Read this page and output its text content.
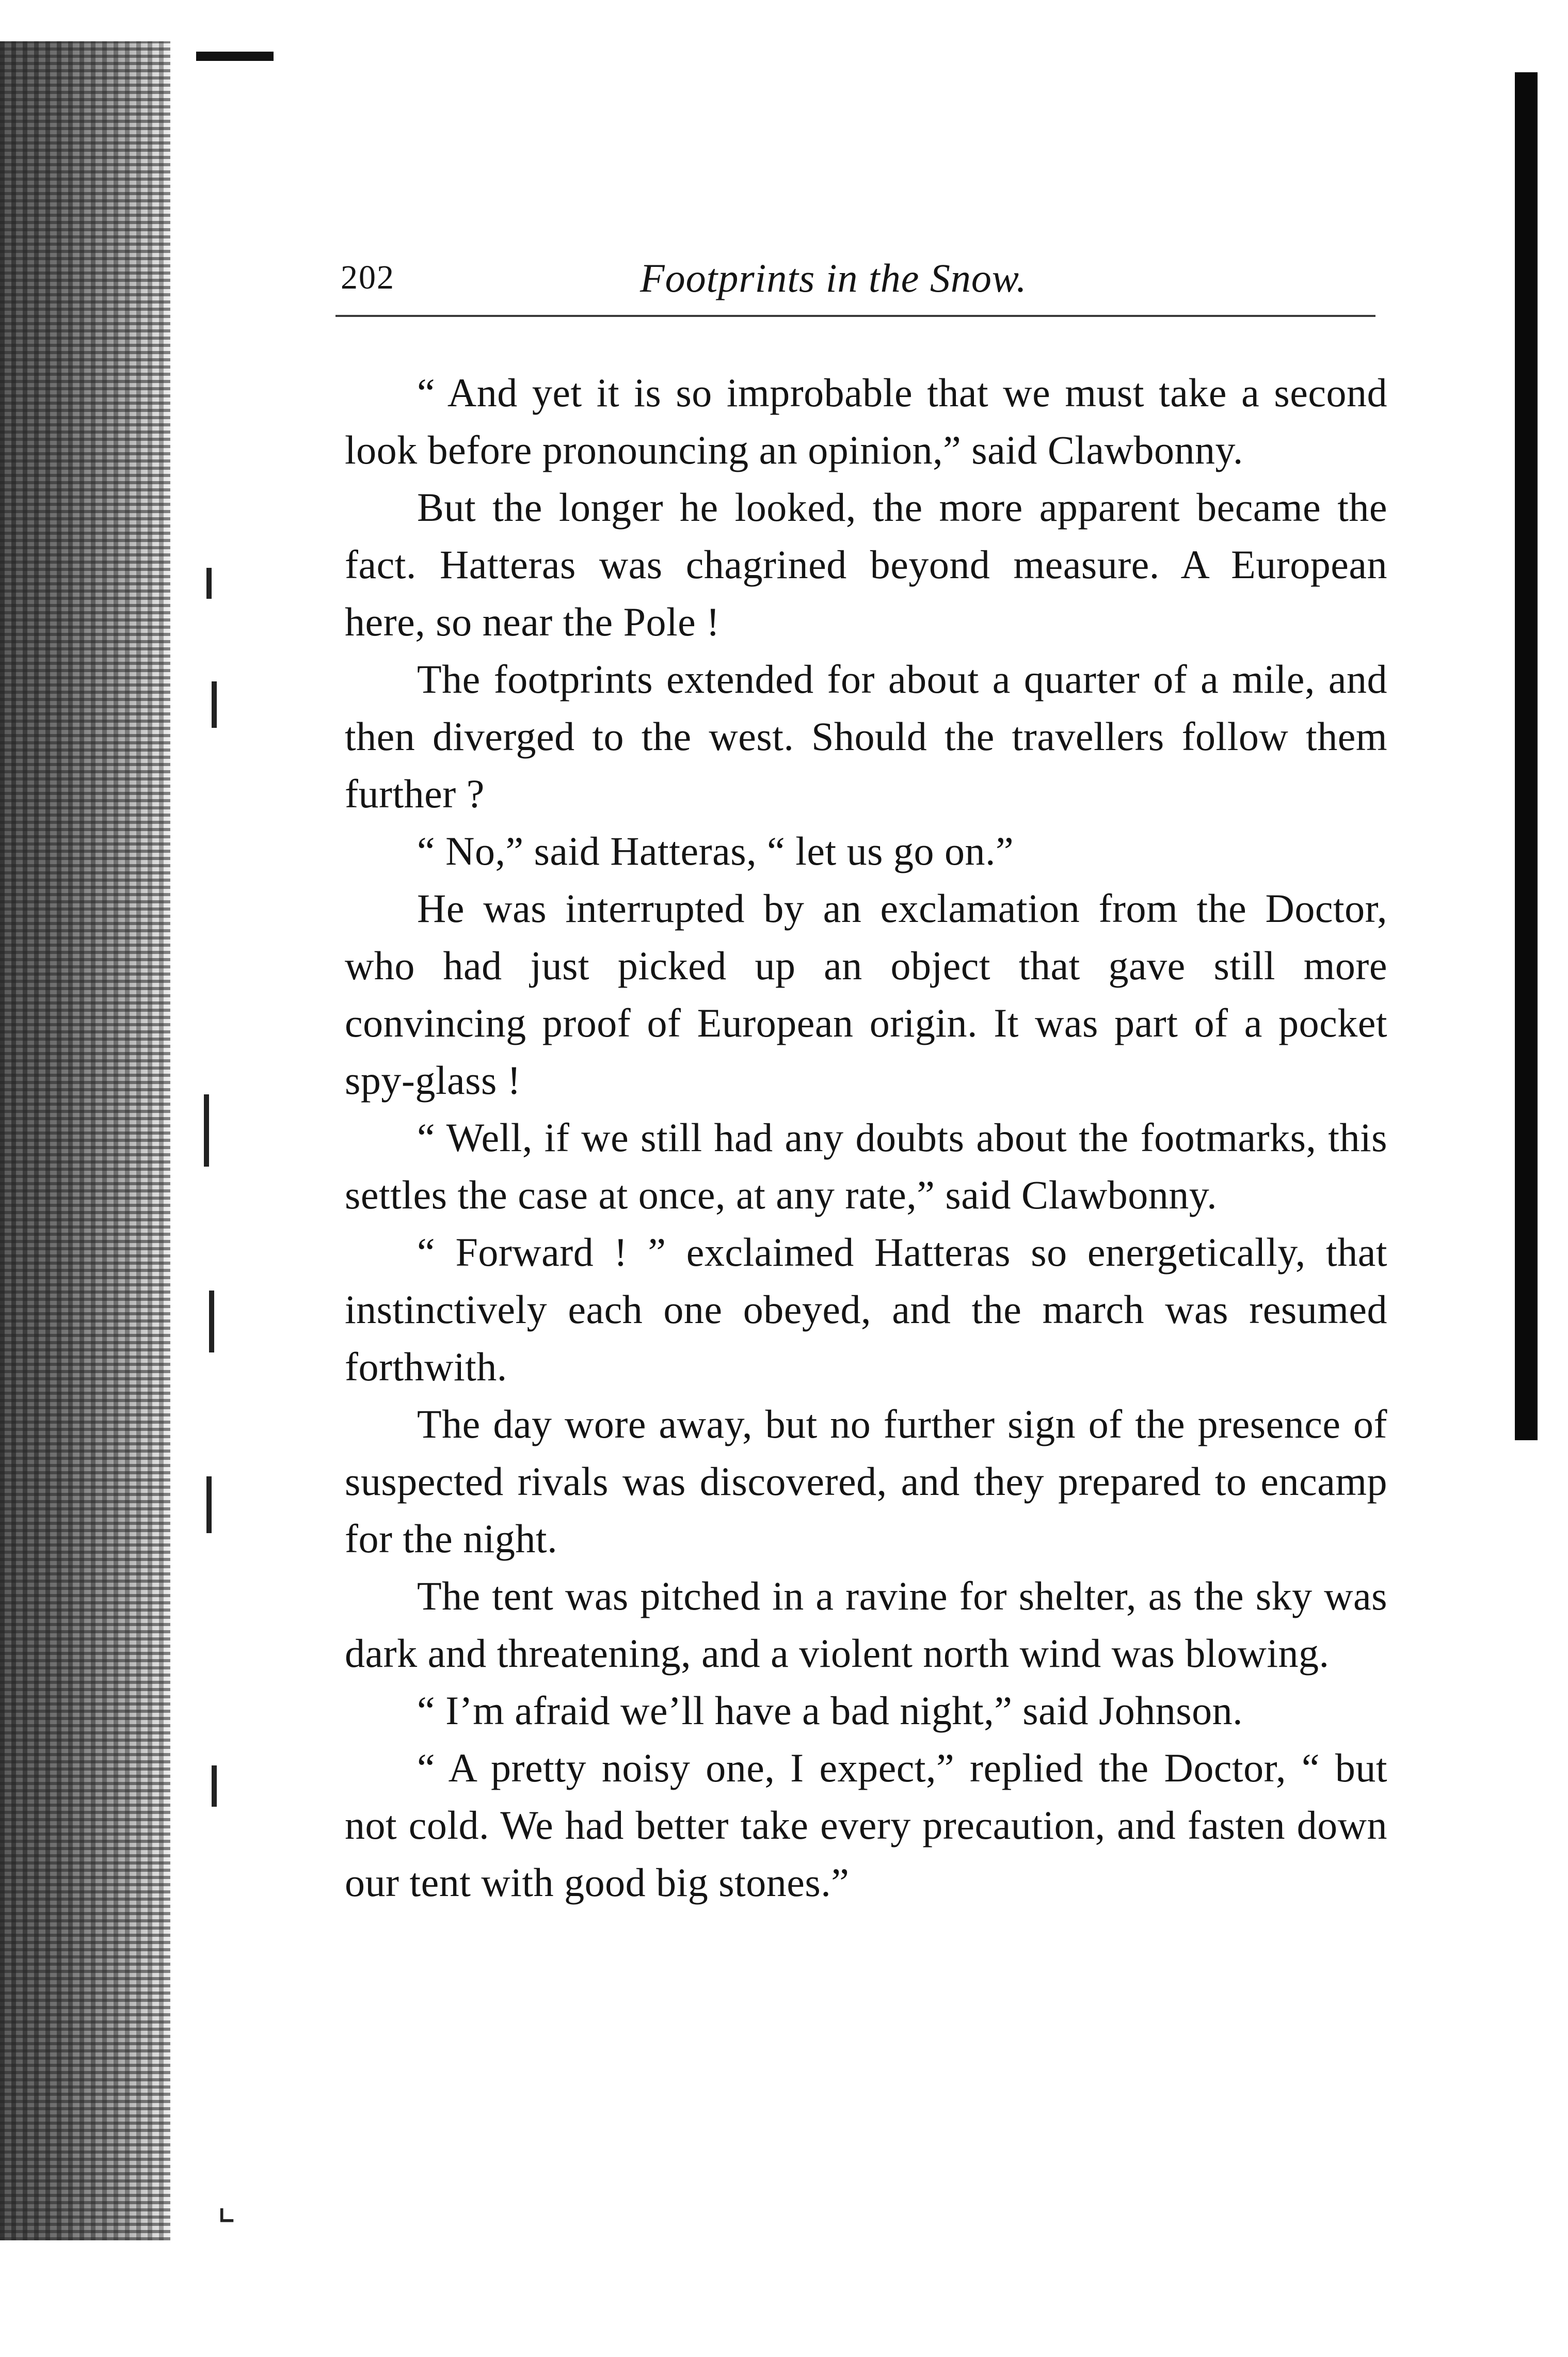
202	Footprints in the Snow.

“ And yet it is so improbable that we must take a second look before pronouncing an opinion,” said Clawbonny.

But the longer he looked, the more apparent became the fact. Hatteras was chagrined beyond measure. A European here, so near the Pole !

The footprints extended for about a quarter of a mile, and then diverged to the west. Should the travellers follow them further ?

“ No,” said Hatteras, “ let us go on.”

He was interrupted by an exclamation from the Doctor, who had just picked up an object that gave still more convincing proof of European origin. It was part of a pocket spy-glass !

“ Well, if we still had any doubts about the footmarks, this settles the case at once, at any rate,” said Clawbonny.

“ Forward ! ” exclaimed Hatteras so energetically, that instinctively each one obeyed, and the march was resumed forthwith.

The day wore away, but no further sign of the presence of suspected rivals was discovered, and they prepared to encamp for the night.

The tent was pitched in a ravine for shelter, as the sky was dark and threatening, and a violent north wind was blowing.

“ I’m afraid we’ll have a bad night,” said Johnson.

“ A pretty noisy one, I expect,” replied the Doctor, “ but not cold. We had better take every precaution, and fasten down our tent with good big stones.”

⌞
